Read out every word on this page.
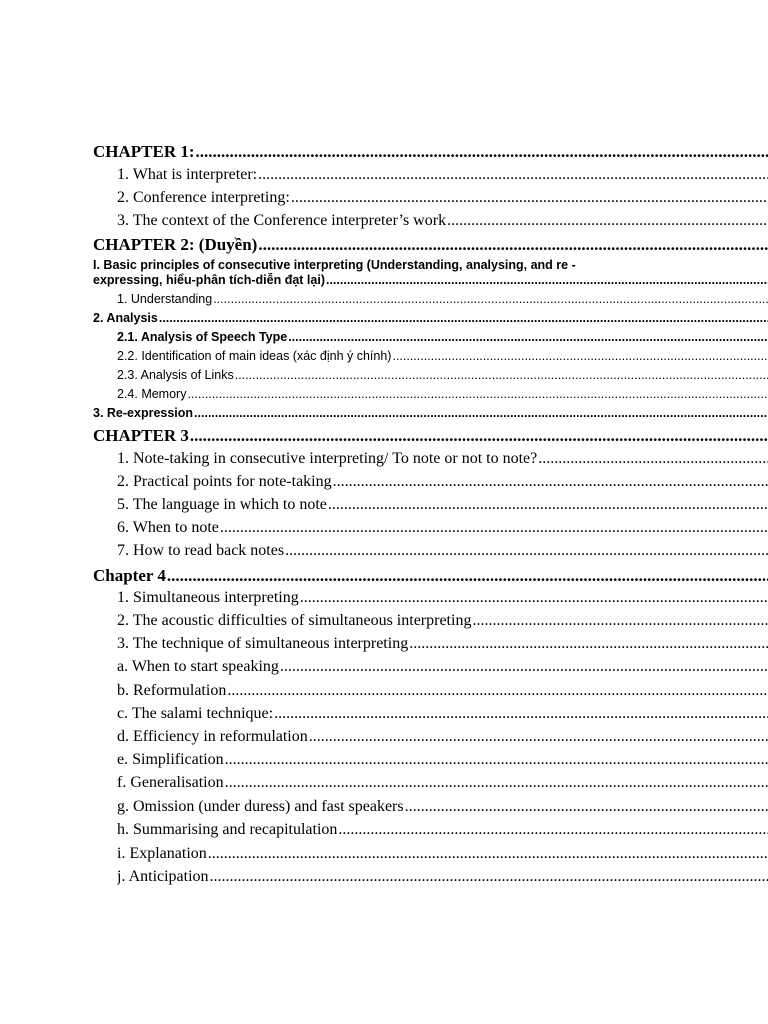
CHAPTER 1:
.....
1. What is interpreter:
.....
2. Conference interpreting:
.....
3. The context of the Conference interpreter’s work
.....
CHAPTER 2: (Duyền)
.....
I. Basic principles of consecutive interpreting (Understanding, analysing, and re -
expressing, hiểu-phân tích-diễn đạt lại)
.....
1. Understanding
.....
2. Analysis
.....
2.1. Analysis of Speech Type
.....
2.2. Identification of main ideas (xác định ý chính)
.....
2.3. Analysis of Links
.....
2.4. Memory
.....
3. Re-expression
.....
CHAPTER 3
.....
1. Note-taking in consecutive interpreting/ To note or not to note?
.....
2. Practical points for note-taking
.....
5. The language in which to note
.....
6. When to note
.....
7. How to read back notes
.....
Chapter 4
.....
1. Simultaneous interpreting
.....
2. The acoustic difficulties of simultaneous interpreting
.....
3. The technique of simultaneous interpreting
.....
a. When to start speaking
.....
b. Reformulation
.....
c. The salami technique:
.....
d. Efficiency in reformulation
.....
e. Simplification
.....
f. Generalisation
.....
g. Omission (under duress) and fast speakers
.....
h. Summarising and recapitulation
.....
i. Explanation
.....
j. Anticipation
.....
